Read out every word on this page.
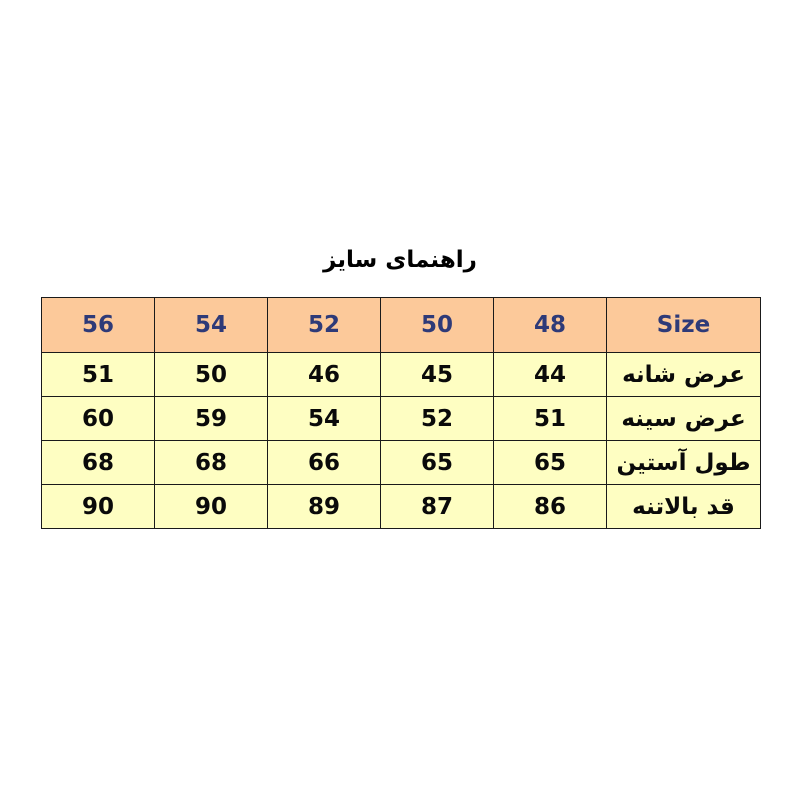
راهنمای سایز
56	54	52	50	48	Size
51	50	46	45	44	عرض شانه
60	59	54	52	51	عرض سینه
68	68	66	65	65	طول آستین
90	90	89	87	86	قد بالاتنه
